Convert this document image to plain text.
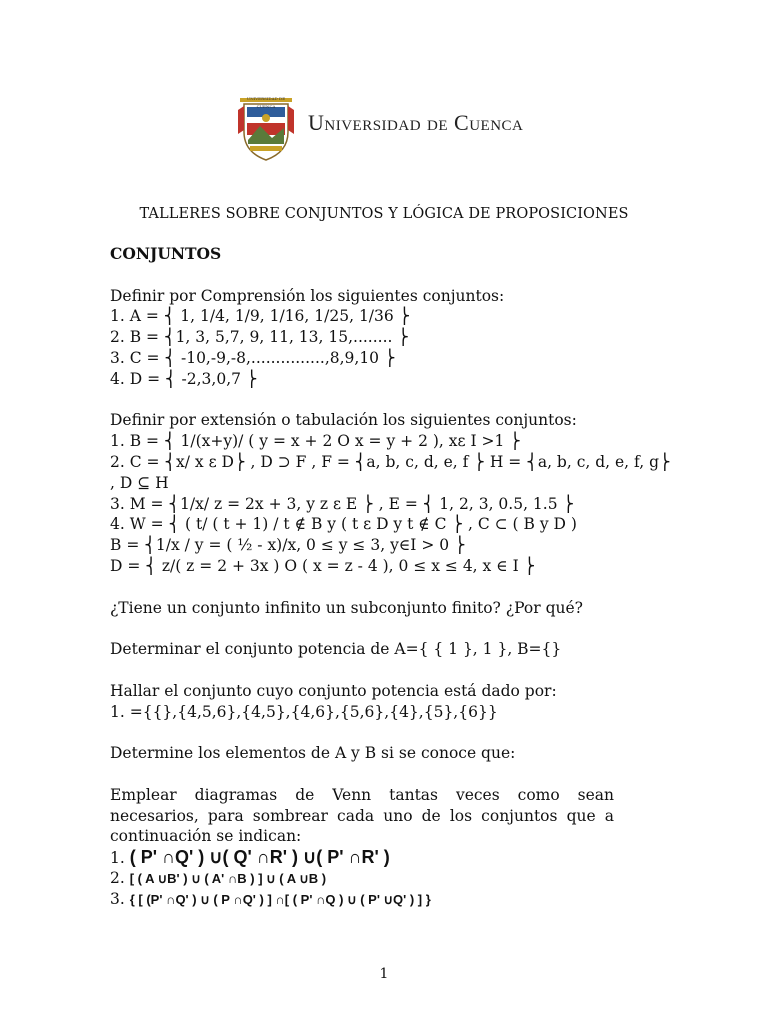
UNIVERSIDAD DE CUENCA
Universidad de Cuenca
TALLERES SOBRE CONJUNTOS Y LÓGICA DE PROPOSICIONES
CONJUNTOS
Definir por Comprensión los siguientes conjuntos:
1. A = ⎨ 1, 1/4, 1/9, 1/16, 1/25, 1/36 ⎬
2. B = ⎨1, 3, 5,7, 9, 11, 13, 15,........ ⎬
3. C = ⎨ -10,-9,-8,...............,8,9,10 ⎬
4. D = ⎨ -2,3,0,7 ⎬
Definir por extensión o tabulación los siguientes conjuntos:
1. B = ⎨ 1/(x+y)/ ( y = x + 2 O x = y + 2 ), xε I >1 ⎬
2. C = ⎨x/ x ε D⎬ , D ⊃ F , F = ⎨a, b, c, d, e, f ⎬ H = ⎨a, b, c, d, e, f, g⎬
, D ⊆ H
3. M = ⎨1/x/ z = 2x + 3, y z ε E ⎬ , E = ⎨ 1, 2, 3, 0.5, 1.5 ⎬
4. W = ⎨ ( t/ ( t + 1) / t ∉ B y ( t ε D y t ∉ C ⎬ , C ⊂ ( B y D )
B = ⎨1/x / y = ( ½ - x)/x, 0 ≤ y ≤ 3, y∈I > 0 ⎬
D = ⎨ z/( z = 2 + 3x ) O ( x = z - 4 ), 0 ≤ x ≤ 4, x ∈ I ⎬
¿Tiene un conjunto infinito un subconjunto finito? ¿Por qué?
Determinar el conjunto potencia de A={ { 1 }, 1 }, B={}
Hallar el conjunto cuyo conjunto potencia está dado por:
1. ={{},{4,5,6},{4,5},{4,6},{5,6},{4},{5},{6}}
Determine los elementos de A y B si se conoce que:
Emplear diagramas de Venn tantas veces como sean necesarios, para sombrear cada uno de los conjuntos que a continuación se indican:
1. ( P' ∩Q' ) ∪( Q' ∩R' ) ∪( P' ∩R' )
2. [ ( A ∪B' ) ∪ ( A' ∩B ) ] ∪ ( A ∪B )
3. { [ (P' ∩Q' ) ∪ ( P ∩Q' ) ] ∩[ ( P' ∩Q ) ∪ ( P' ∪Q' ) ] }
1
